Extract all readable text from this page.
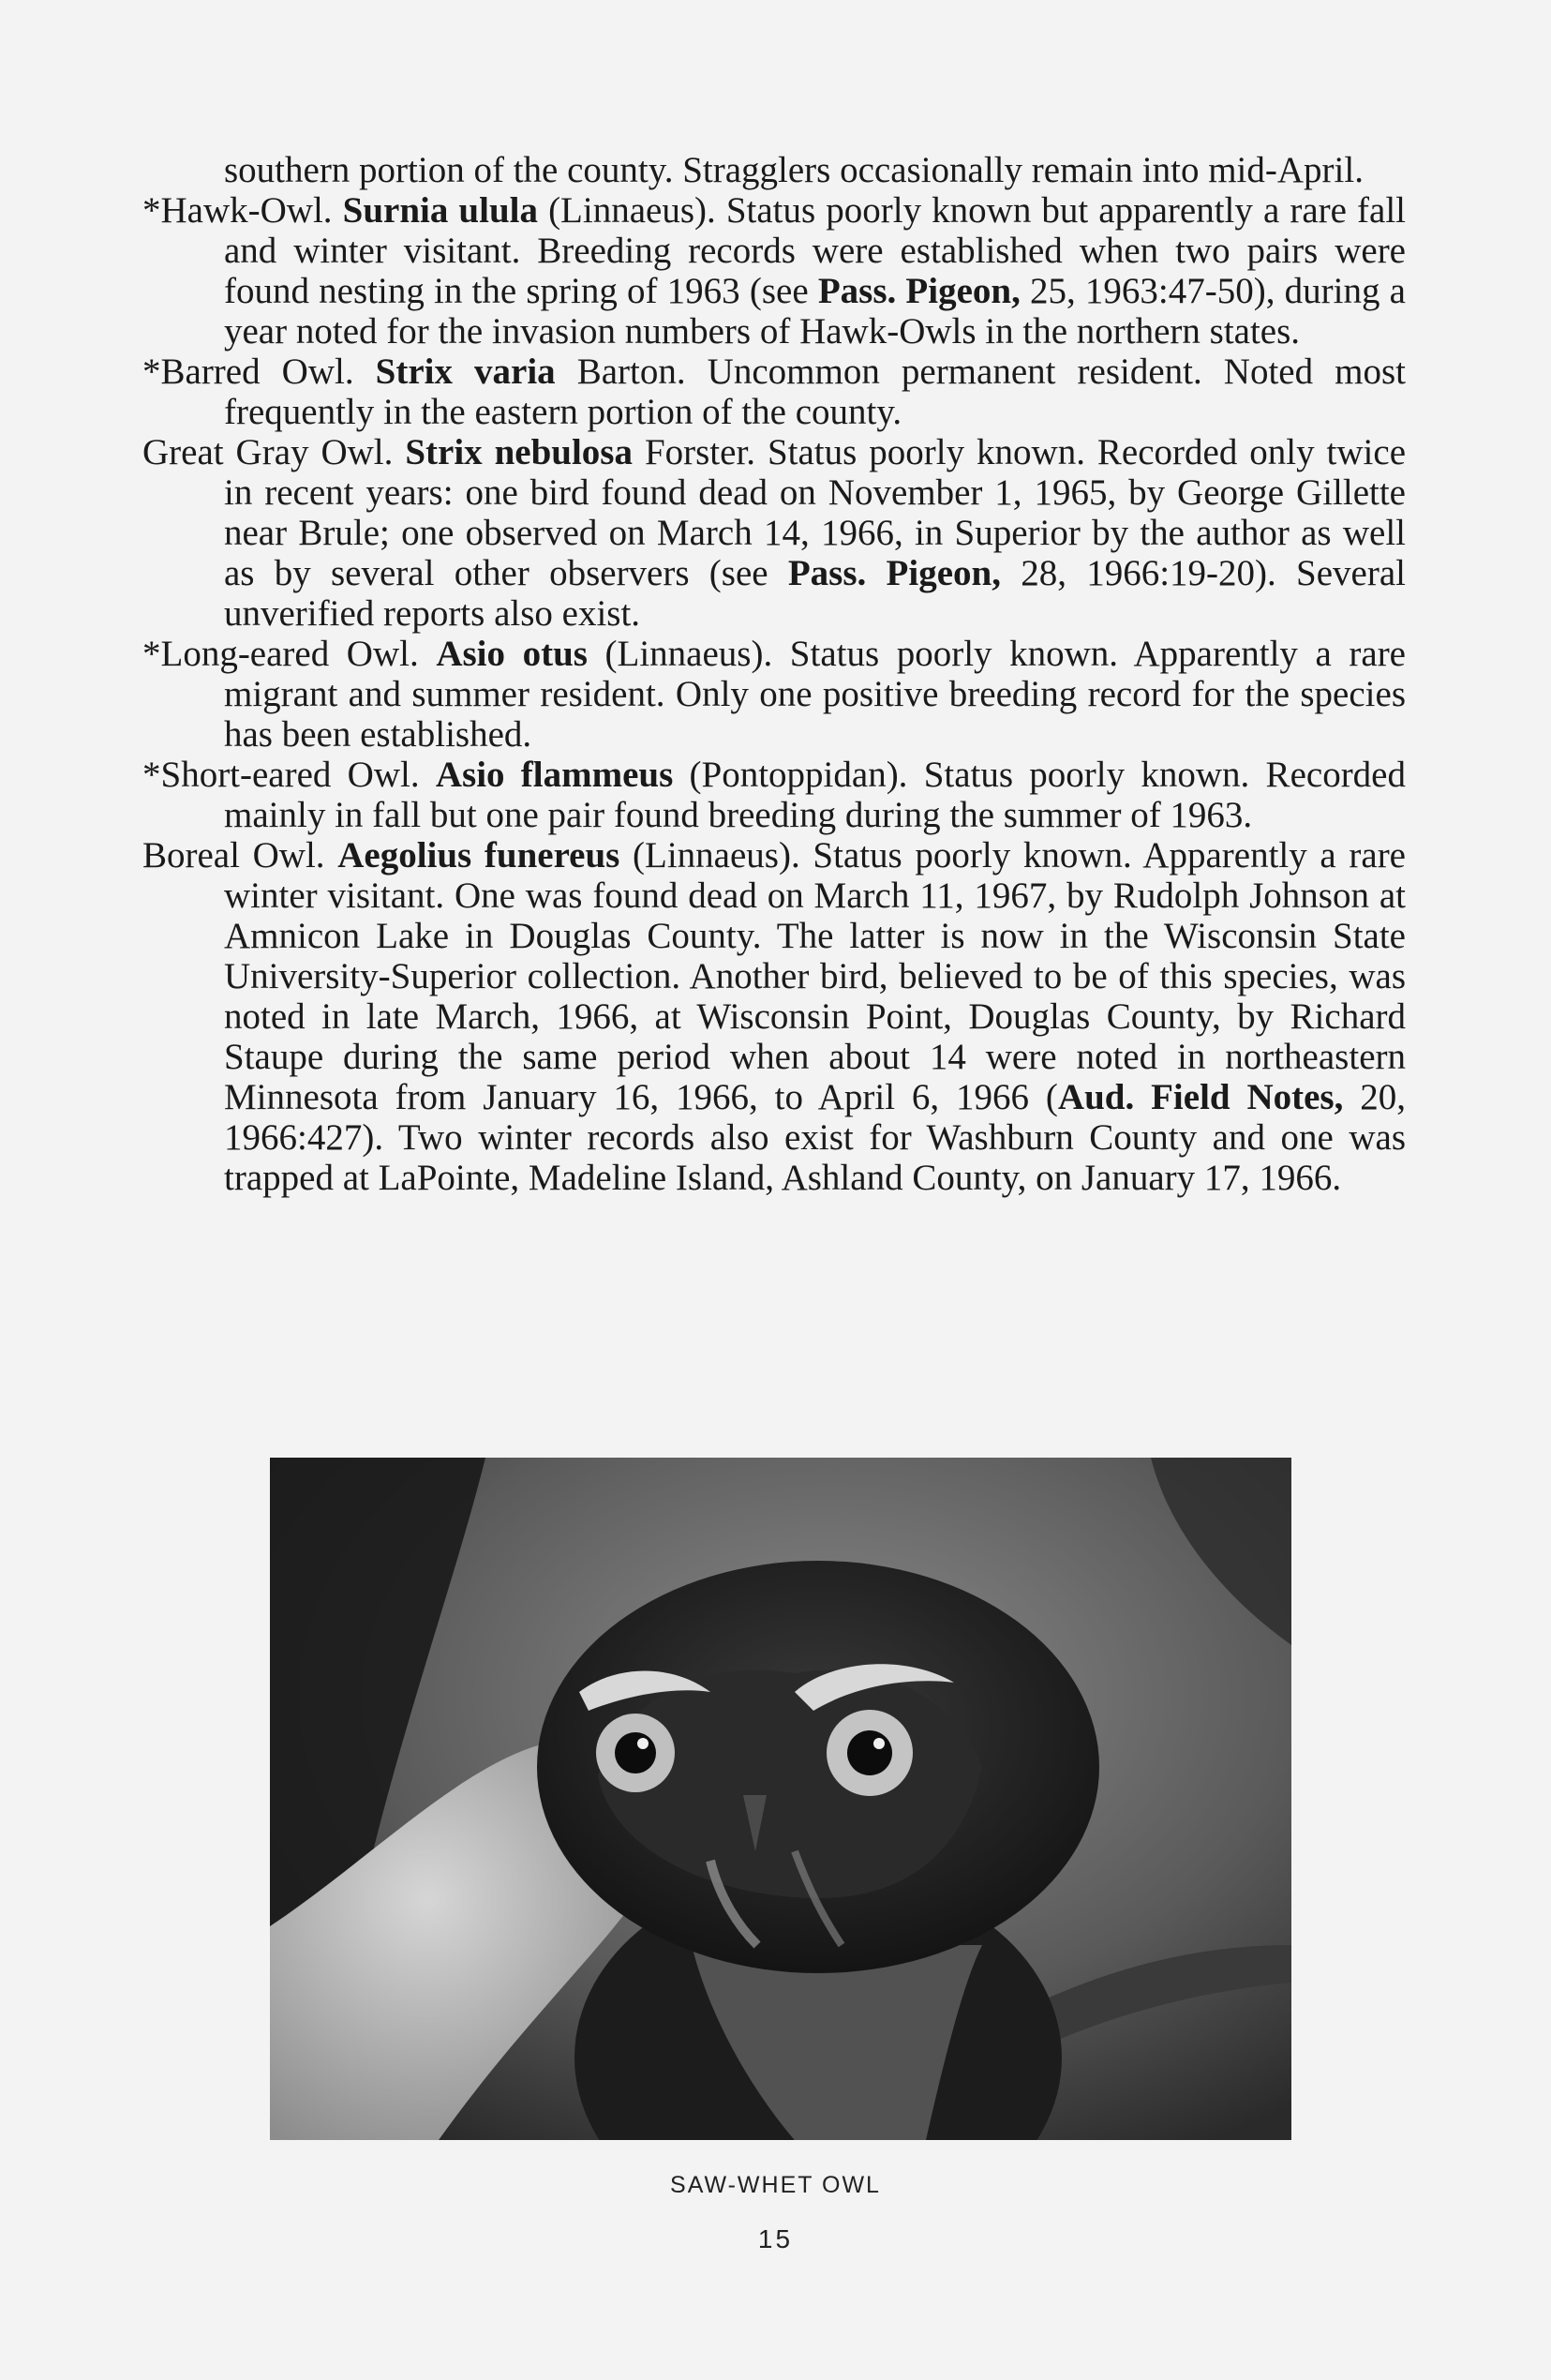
southern portion of the county. Stragglers occasionally remain into mid-April.

*Hawk-Owl. Surnia ulula (Linnaeus). Status poorly known but apparently a rare fall and winter visitant. Breeding records were established when two pairs were found nesting in the spring of 1963 (see Pass. Pigeon, 25, 1963:47-50), during a year noted for the invasion numbers of Hawk-Owls in the northern states.

*Barred Owl. Strix varia Barton. Uncommon permanent resident. Noted most frequently in the eastern portion of the county.

Great Gray Owl. Strix nebulosa Forster. Status poorly known. Recorded only twice in recent years: one bird found dead on November 1, 1965, by George Gillette near Brule; one observed on March 14, 1966, in Superior by the author as well as by several other observers (see Pass. Pigeon, 28, 1966:19-20). Several unverified reports also exist.

*Long-eared Owl. Asio otus (Linnaeus). Status poorly known. Apparently a rare migrant and summer resident. Only one positive breeding record for the species has been established.

*Short-eared Owl. Asio flammeus (Pontoppidan). Status poorly known. Recorded mainly in fall but one pair found breeding during the summer of 1963.

Boreal Owl. Aegolius funereus (Linnaeus). Status poorly known. Apparently a rare winter visitant. One was found dead on March 11, 1967, by Rudolph Johnson at Amnicon Lake in Douglas County. The latter is now in the Wisconsin State University-Superior collection. Another bird, believed to be of this species, was noted in late March, 1966, at Wisconsin Point, Douglas County, by Richard Staupe during the same period when about 14 were noted in northeastern Minnesota from January 16, 1966, to April 6, 1966 (Aud. Field Notes, 20, 1966:427). Two winter records also exist for Washburn County and one was trapped at LaPointe, Madeline Island, Ashland County, on January 17, 1966.

SAW-WHET OWL
15
